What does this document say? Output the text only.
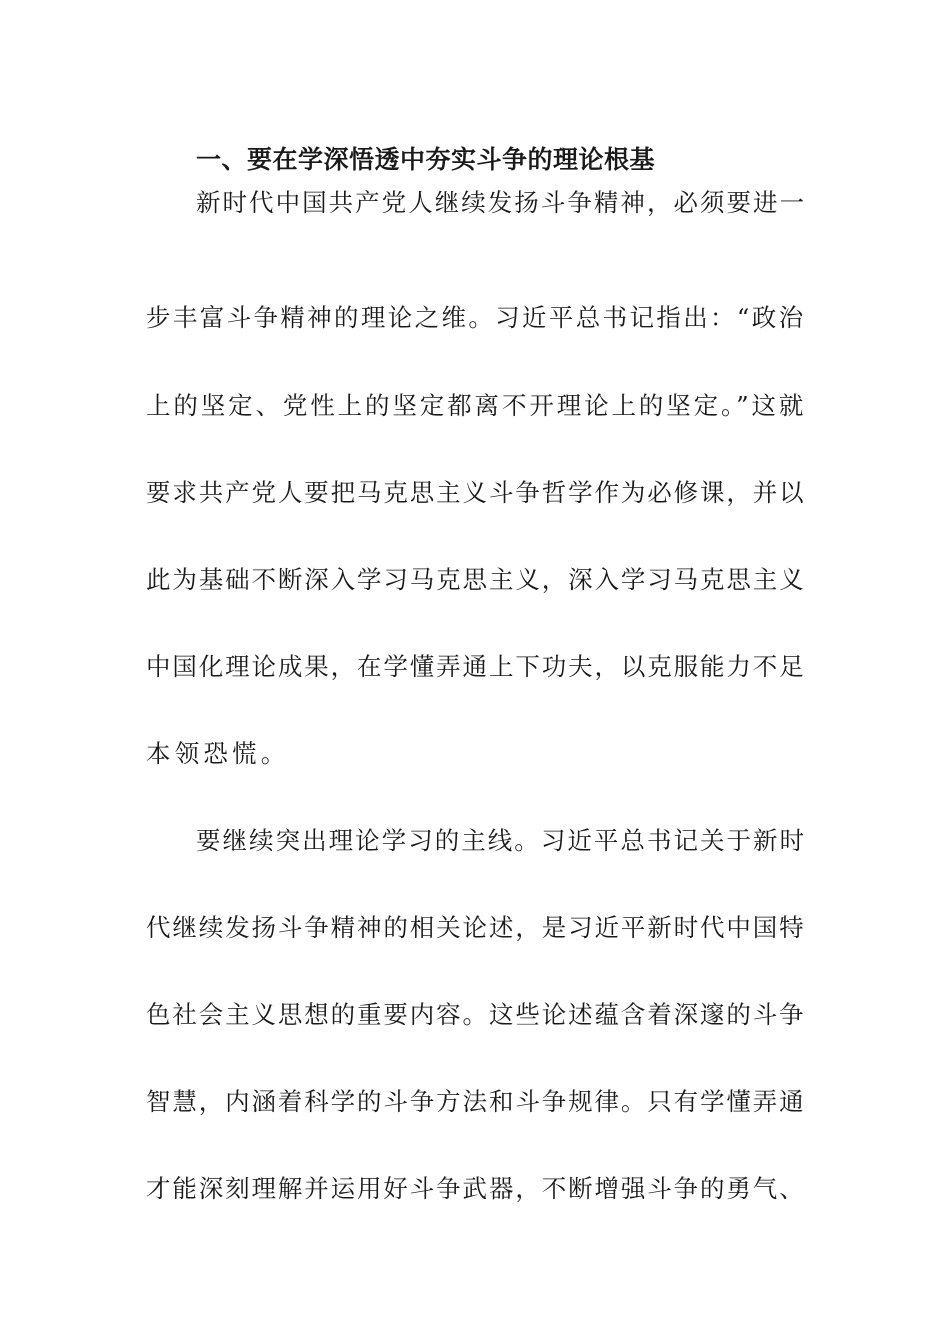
一、要在学深悟透中夯实斗争的理论根基
新时代中国共产党人继续发扬斗争精神，必须要进一
步丰富斗争精神的理论之维。习近平总书记指出：“政治
上的坚定、党性上的坚定都离不开理论上的坚定。”这就
要求共产党人要把马克思主义斗争哲学作为必修课，并以
此为基础不断深入学习马克思主义，深入学习马克思主义
中国化理论成果，在学懂弄通上下功夫，以克服能力不足
本领恐慌。
要继续突出理论学习的主线。习近平总书记关于新时
代继续发扬斗争精神的相关论述，是习近平新时代中国特
色社会主义思想的重要内容。这些论述蕴含着深邃的斗争
智慧，内涵着科学的斗争方法和斗争规律。只有学懂弄通
才能深刻理解并运用好斗争武器，不断增强斗争的勇气、
